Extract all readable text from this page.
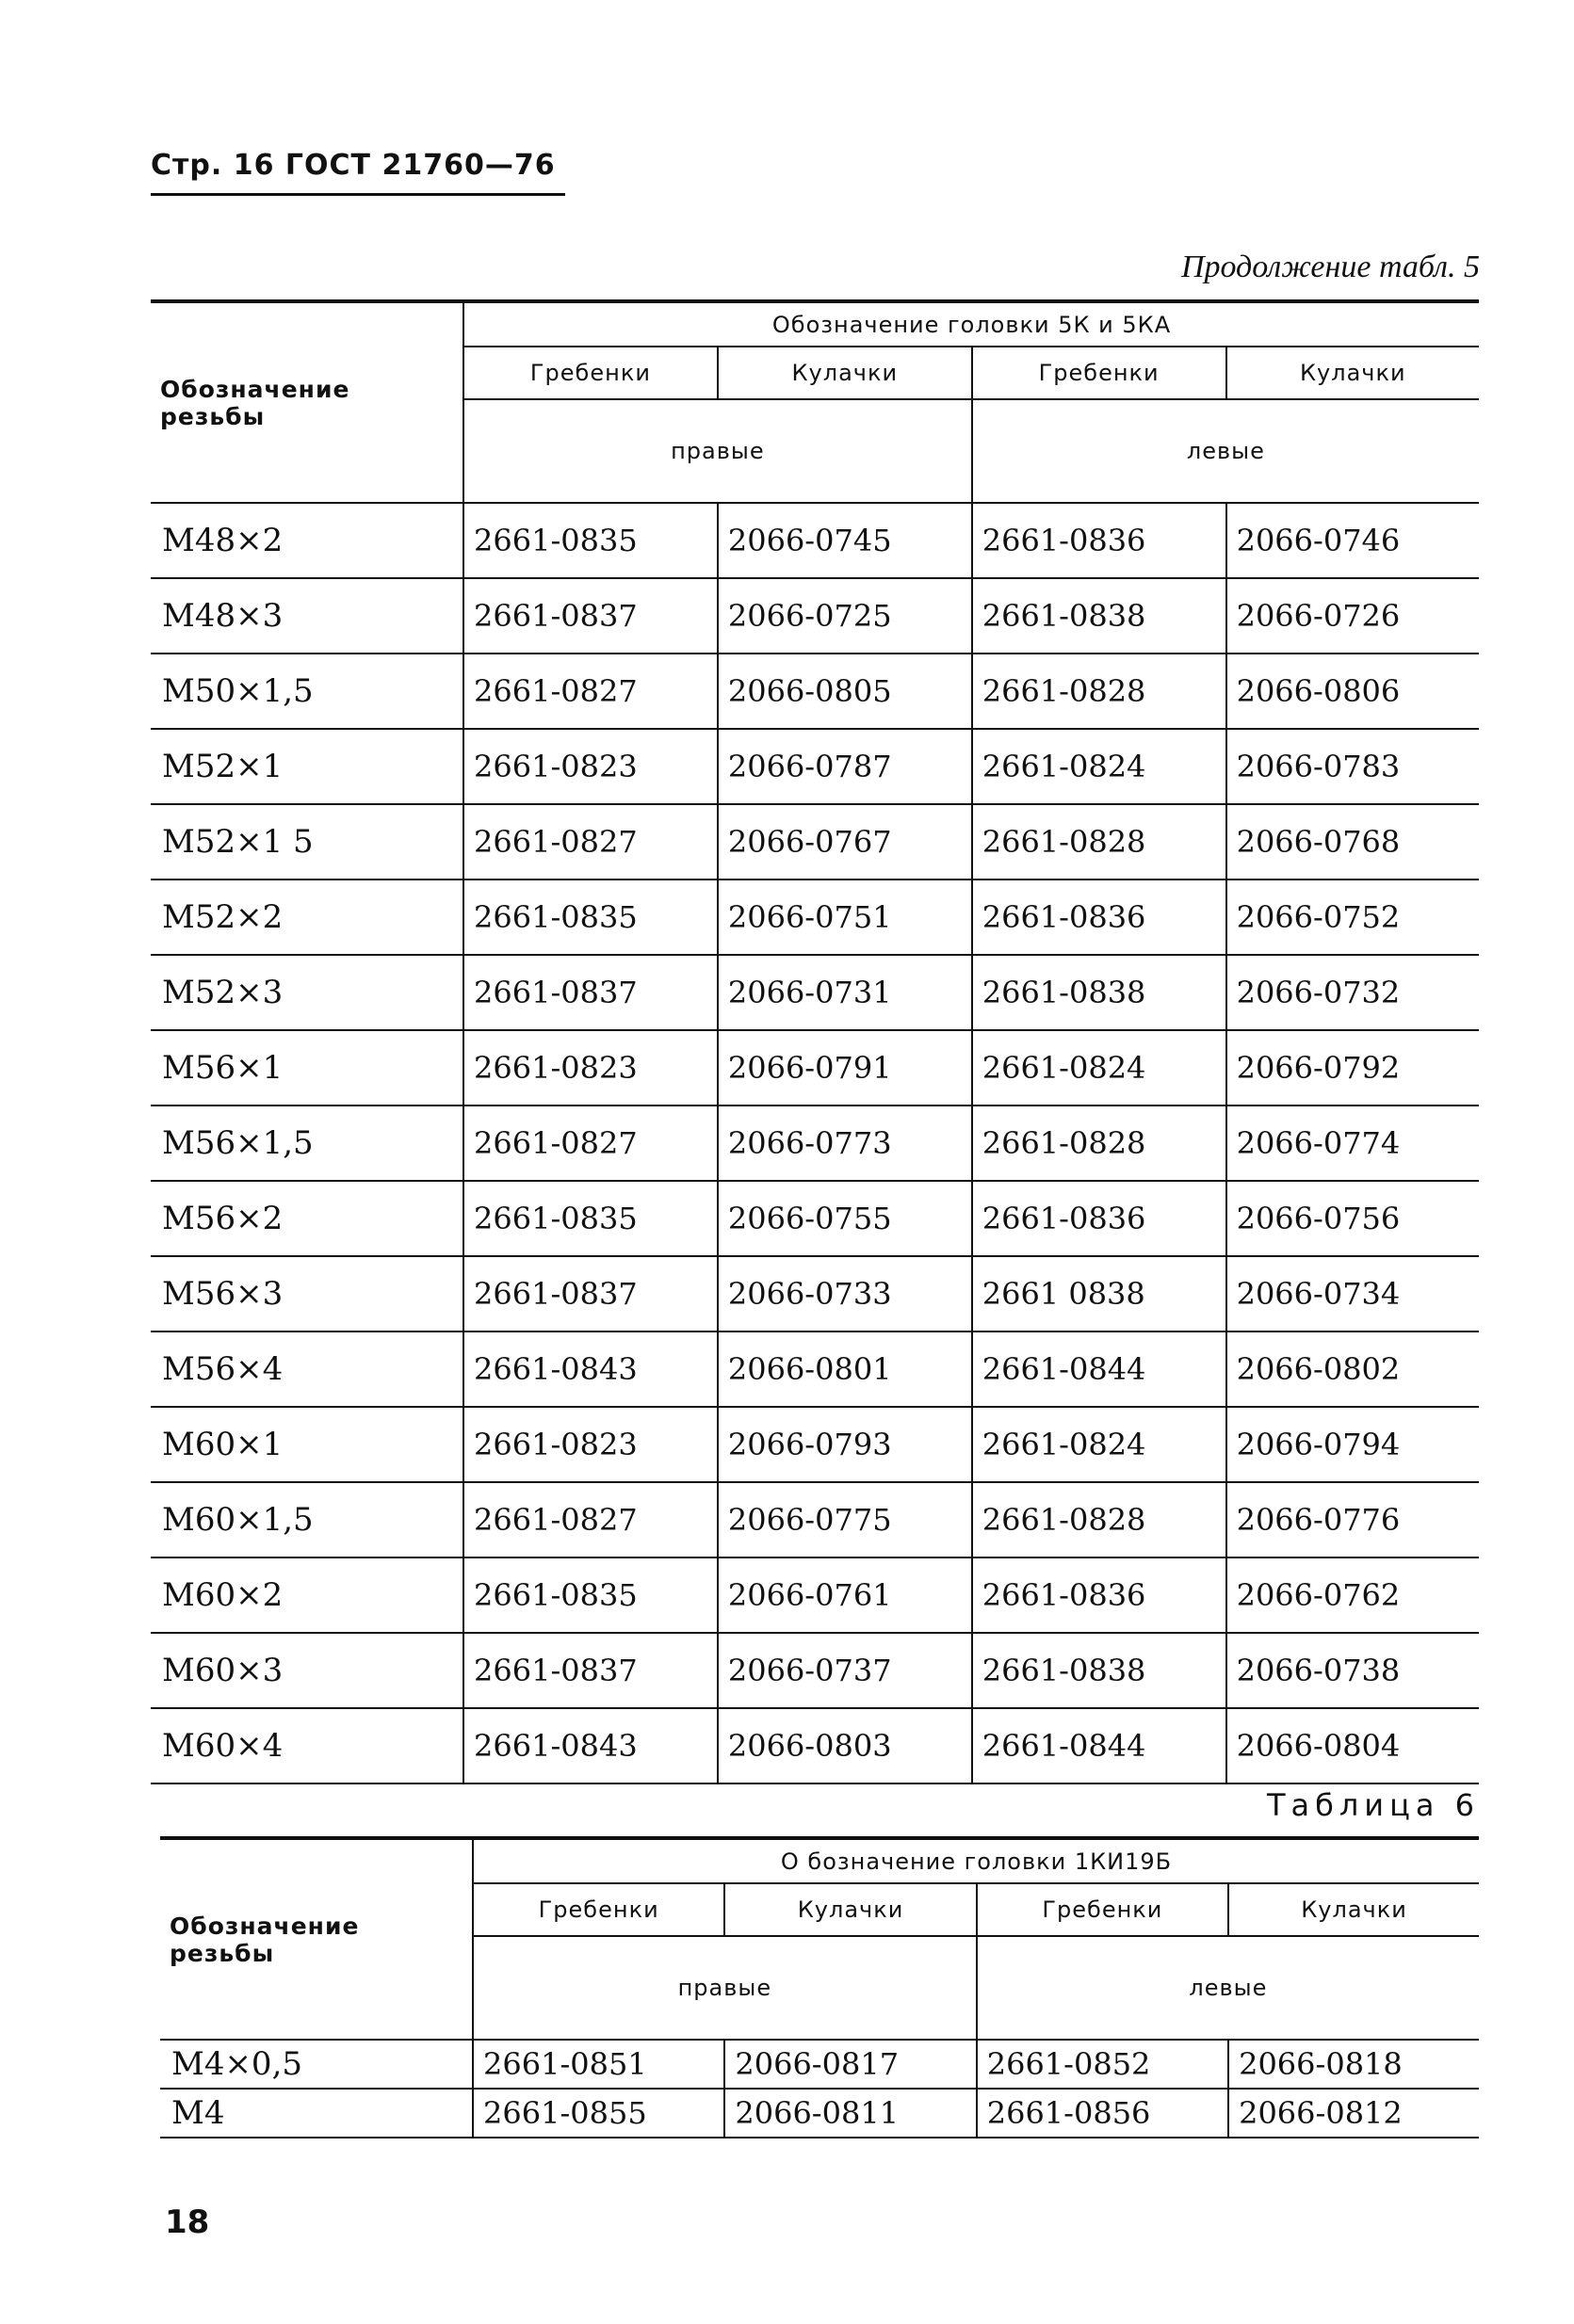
Стр. 16 ГОСТ 21760—76
Продолжение табл. 5
Обозначение резьбы	Обозначение головки 5К и 5КА			
	Гребенки	Кулачки	Гребенки	Кулачки
	правые		левые	
M48×2	2661-0835	2066-0745	2661-0836	2066-0746
M48×3	2661-0837	2066-0725	2661-0838	2066-0726
M50×1,5	2661-0827	2066-0805	2661-0828	2066-0806
M52×1	2661-0823	2066-0787	2661-0824	2066-0783
M52×1 5	2661-0827	2066-0767	2661-0828	2066-0768
M52×2	2661-0835	2066-0751	2661-0836	2066-0752
M52×3	2661-0837	2066-0731	2661-0838	2066-0732
M56×1	2661-0823	2066-0791	2661-0824	2066-0792
M56×1,5	2661-0827	2066-0773	2661-0828	2066-0774
M56×2	2661-0835	2066-0755	2661-0836	2066-0756
M56×3	2661-0837	2066-0733	2661 0838	2066-0734
M56×4	2661-0843	2066-0801	2661-0844	2066-0802
M60×1	2661-0823	2066-0793	2661-0824	2066-0794
M60×1,5	2661-0827	2066-0775	2661-0828	2066-0776
M60×2	2661-0835	2066-0761	2661-0836	2066-0762
M60×3	2661-0837	2066-0737	2661-0838	2066-0738
M60×4	2661-0843	2066-0803	2661-0844	2066-0804
Таблица 6
Обозначение резьбы	О бозначение головки 1КИ19Б			
	Гребенки	Кулачки	Гребенки	Кулачки
	правые		левые	
M4×0,5	2661-0851	2066-0817	2661-0852	2066-0818
M4	2661-0855	2066-0811	2661-0856	2066-0812
18
